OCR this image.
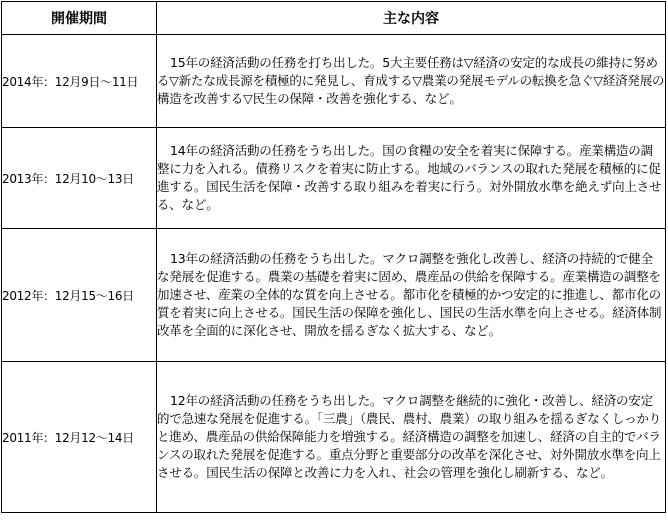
開催期間	主な内容
2014年：12月9日～11日	15年の経済活動の任務を打ち出した。5大主要任務は▽経済の安定的な成長の維持に努める▽新たな成長源を積極的に発見し、育成する▽農業の発展モデルの転換を急ぐ▽経済発展の構造を改善する▽民生の保障・改善を強化する、など。
2013年：12月10～13日	14年の経済活動の任務をうち出した。国の食糧の安全を着実に保障する。産業構造の調整に力を入れる。債務リスクを着実に防止する。地域のバランスの取れた発展を積極的に促進する。国民生活を保障・改善する取り組みを着実に行う。対外開放水準を絶えず向上させる、など。
2012年：12月15～16日	13年の経済活動の任務をうち出した。マクロ調整を強化し改善し、経済の持続的で健全な発展を促進する。農業の基礎を着実に固め、農産品の供給を保障する。産業構造の調整を加速させ、産業の全体的な質を向上させる。都市化を積極的かつ安定的に推進し、都市化の質を着実に向上させる。国民生活の保障を強化し、国民の生活水準を向上させる。経済体制改革を全面的に深化させ、開放を揺るぎなく拡大する、など。
2011年：12月12～14日	12年の経済活動の任務をうち出した。マクロ調整を継続的に強化・改善し、経済の安定的で急速な発展を促進する。「三農」（農民、農村、農業）の取り組みを揺るぎなくしっかりと進め、農産品の供給保障能力を増強する。経済構造の調整を加速し、経済の自主的でバランスの取れた発展を促進する。重点分野と重要部分の改革を深化させ、対外開放水準を向上させる。国民生活の保障と改善に力を入れ、社会の管理を強化し刷新する、など。
